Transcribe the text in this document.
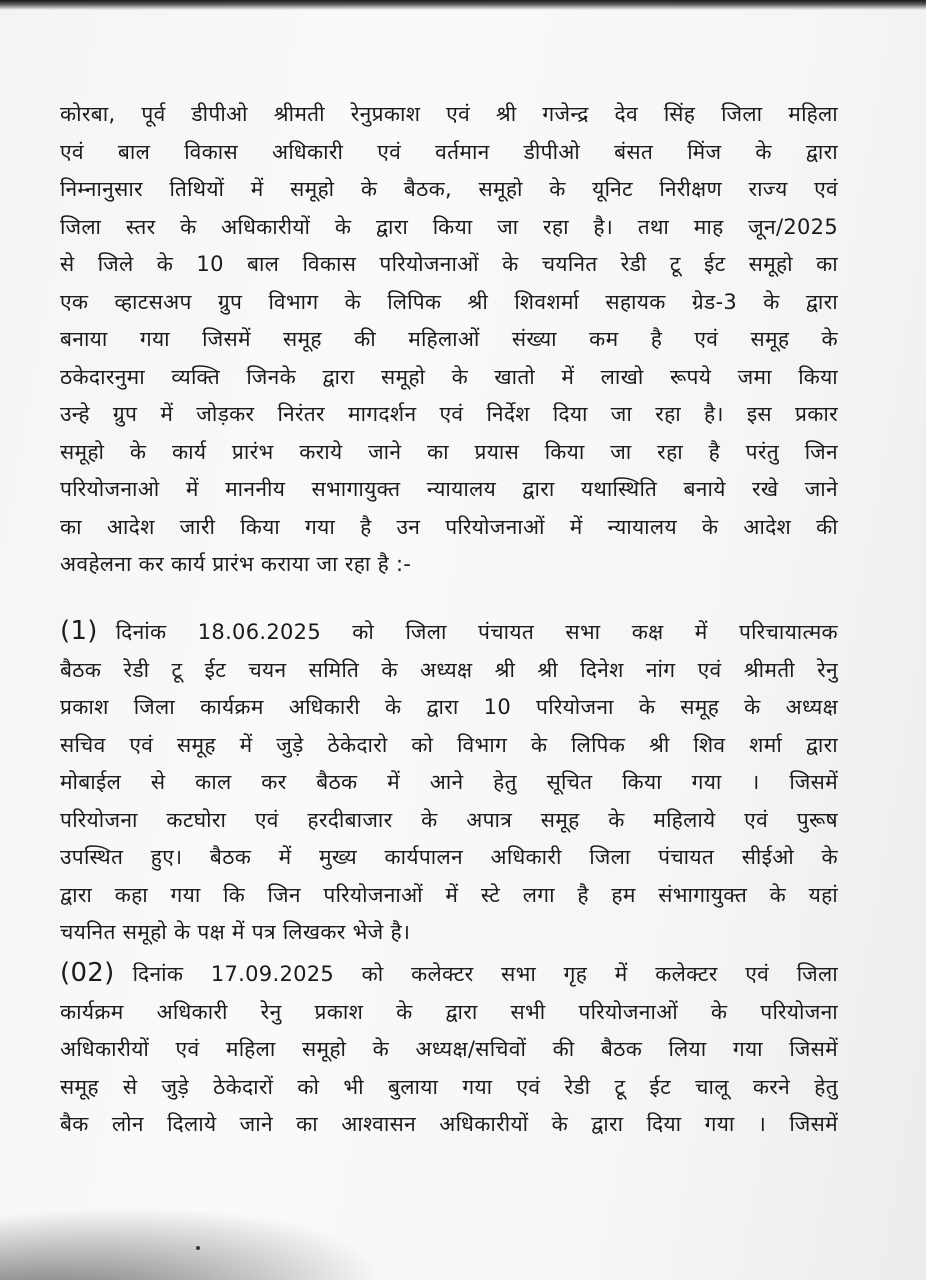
कोरबा, पूर्व डीपीओ श्रीमती रेनुप्रकाश एवं श्री गजेन्द्र देव सिंह जिला महिला
एवं बाल विकास अधिकारी एवं वर्तमान डीपीओ बंसत मिंज के द्वारा
निम्नानुसार तिथियों में समूहो के बैठक, समूहो के यूनिट निरीक्षण राज्य एवं
जिला स्तर के अधिकारीयों के द्वारा किया जा रहा है। तथा माह जून/2025
से जिले के 10 बाल विकास परियोजनाओं के चयनित रेडी टू ईट समूहो का
एक व्हाटसअप ग्रुप विभाग के लिपिक श्री शिवशर्मा सहायक ग्रेड-3 के द्वारा
बनाया गया जिसमें समूह की महिलाओं संख्या कम है एवं समूह के
ठकेदारनुमा व्यक्ति जिनके द्वारा समूहो के खातो में लाखो रूपये जमा किया
उन्हे ग्रुप में जोड़कर निरंतर मागदर्शन एवं निर्देश दिया जा रहा है। इस प्रकार
समूहो के कार्य प्रारंभ कराये जाने का प्रयास किया जा रहा है परंतु जिन
परियोजनाओ में माननीय सभागायुक्त न्यायालय द्वारा यथास्थिति बनाये रखे जाने
का आदेश जारी किया गया है उन परियोजनाओं में न्यायालय के आदेश की
अवहेलना कर कार्य प्रारंभ कराया जा रहा है :-
(1) दिनांक 18.06.2025 को जिला पंचायत सभा कक्ष में परिचायात्मक
बैठक रेडी टू ईट चयन समिति के अध्यक्ष श्री श्री दिनेश नांग एवं श्रीमती रेनु
प्रकाश जिला कार्यक्रम अधिकारी के द्वारा 10 परियोजना के समूह के अध्यक्ष
सचिव एवं समूह में जुड़े ठेकेदारो को विभाग के लिपिक श्री शिव शर्मा द्वारा
मोबाईल से काल कर बैठक में आने हेतु सूचित किया गया । जिसमें
परियोजना कटघोरा एवं हरदीबाजार के अपात्र समूह के महिलाये एवं पुरूष
उपस्थित हुए। बैठक में मुख्य कार्यपालन अधिकारी जिला पंचायत सीईओ के
द्वारा कहा गया कि जिन परियोजनाओं में स्टे लगा है हम संभागायुक्त के यहां
चयनित समूहो के पक्ष में पत्र लिखकर भेजे है।
(02) दिनांक 17.09.2025 को कलेक्टर सभा गृह में कलेक्टर एवं जिला
कार्यक्रम अधिकारी रेनु प्रकाश के द्वारा सभी परियोजनाओं के परियोजना
अधिकारीयों एवं महिला समूहो के अध्यक्ष/सचिवों की बैठक लिया गया जिसमें
समूह से जुड़े ठेकेदारों को भी बुलाया गया एवं रेडी टू ईट चालू करने हेतु
बैक लोन दिलाये जाने का आश्वासन अधिकारीयों के द्वारा दिया गया । जिसमें
